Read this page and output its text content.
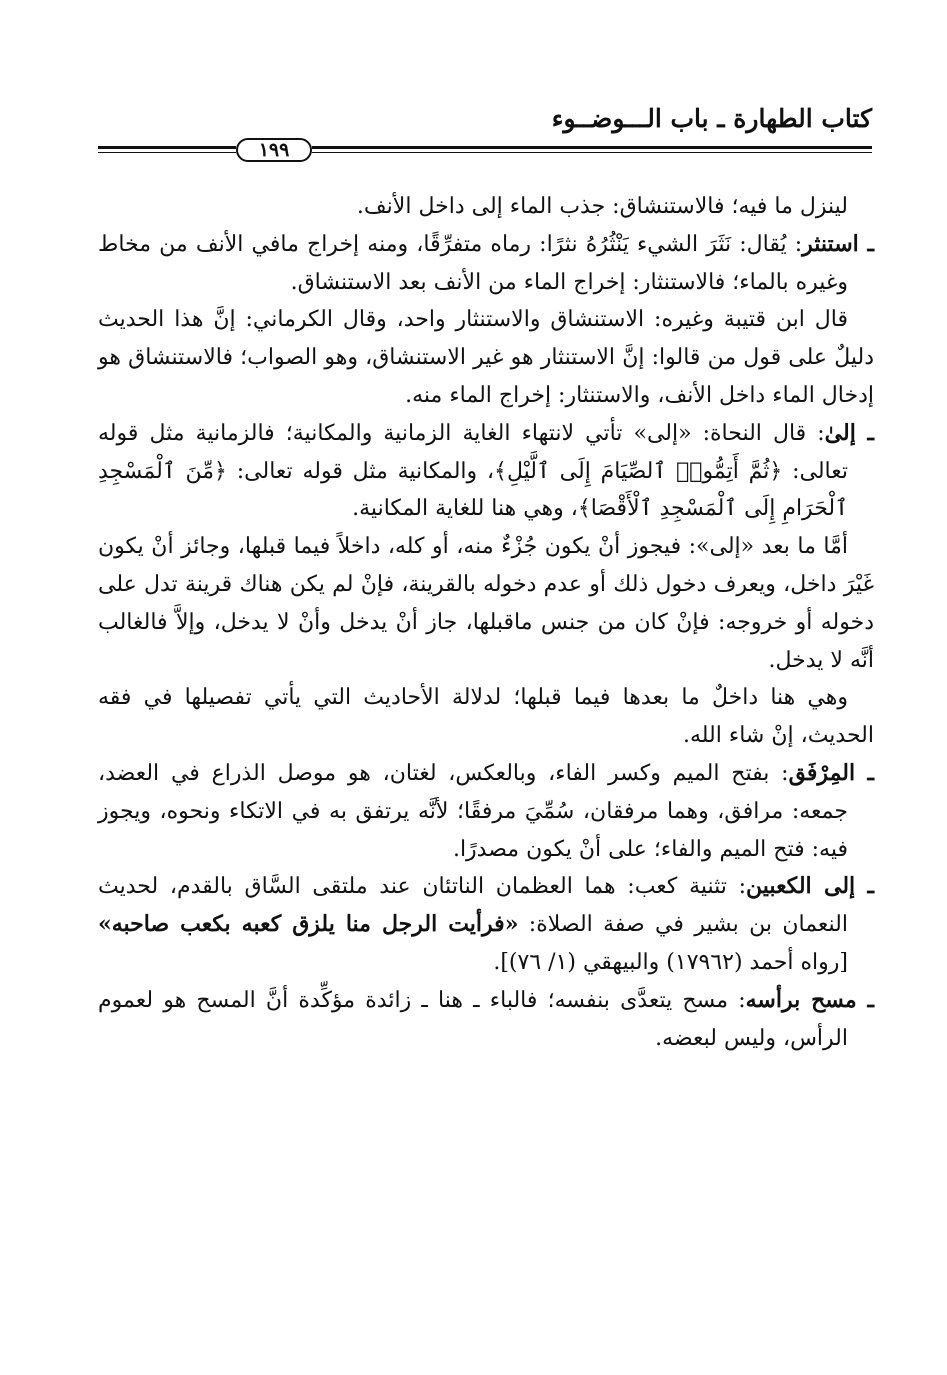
كتاب الطهارة ـ باب الـــوضــوء
١٩٩

لينزل ما فيه؛ فالاستنشاق: جذب الماء إلى داخل الأنف.

ـ استنثر: يُقال: نَثَرَ الشيء يَنْثُرُهُ نثرًا: رماه متفرِّقًا، ومنه إخراج مافي الأنف من مخاط وغيره بالماء؛ فالاستنثار: إخراج الماء من الأنف بعد الاستنشاق.

قال ابن قتيبة وغيره: الاستنشاق والاستنثار واحد، وقال الكرماني: إنَّ هذا الحديث دليلٌ على قول من قالوا: إنَّ الاستنثار هو غير الاستنشاق، وهو الصواب؛ فالاستنشاق هو إدخال الماء داخل الأنف، والاستنثار: إخراج الماء منه.

ـ إلىٰ: قال النحاة: «إلى» تأتي لانتهاء الغاية الزمانية والمكانية؛ فالزمانية مثل قوله تعالى: ﴿ثُمَّ أَتِمُّوا۟ ٱلصِّيَامَ إِلَى ٱلَّيْلِ﴾، والمكانية مثل قوله تعالى: ﴿مِّنَ ٱلْمَسْجِدِ ٱلْحَرَامِ إِلَى ٱلْمَسْجِدِ ٱلْأَقْصَا﴾، وهي هنا للغاية المكانية.

أمَّا ما بعد «إلى»: فيجوز أنْ يكون جُزْءٌ منه، أو كله، داخلاً فيما قبلها، وجائز أنْ يكون غَيْرَ داخل، ويعرف دخول ذلك أو عدم دخوله بالقرينة، فإنْ لم يكن هناك قرينة تدل على دخوله أو خروجه: فإنْ كان من جنس ماقبلها، جاز أنْ يدخل وأنْ لا يدخل، وإلاَّ فالغالب أنَّه لا يدخل.

وهي هنا داخلٌ ما بعدها فيما قبلها؛ لدلالة الأحاديث التي يأتي تفصيلها في فقه الحديث، إنْ شاء الله.

ـ المِرْفَق: بفتح الميم وكسر الفاء، وبالعكس، لغتان، هو موصل الذراع في العضد، جمعه: مرافق، وهما مرفقان، سُمِّيَ مرفقًا؛ لأنَّه يرتفق به في الاتكاء ونحوه، ويجوز فيه: فتح الميم والفاء؛ على أنْ يكون مصدرًا.

ـ إلى الكعبين: تثنية كعب: هما العظمان الناتئان عند ملتقى السَّاق بالقدم، لحديث النعمان بن بشير في صفة الصلاة: «فرأيت الرجل منا يلزق كعبه بكعب صاحبه» [رواه أحمد (١٧٩٦٢) والبيهقي (١/ ٧٦)].

ـ مسح برأسه: مسح يتعدَّى بنفسه؛ فالباء ـ هنا ـ زائدة مؤكِّدة أنَّ المسح هو لعموم الرأس، وليس لبعضه.
